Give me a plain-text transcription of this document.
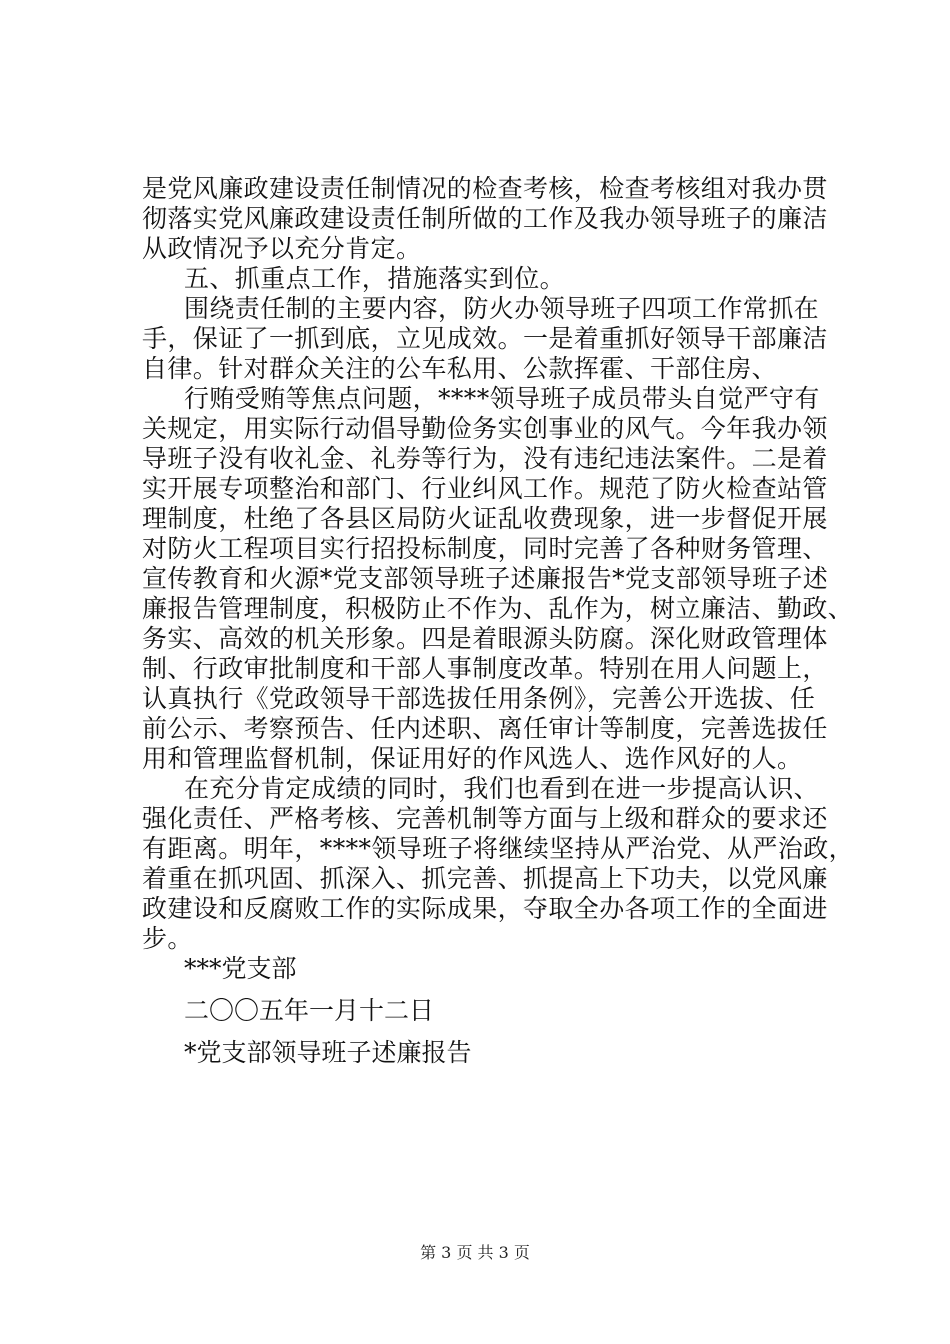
是党风廉政建设责任制情况的检查考核，检查考核组对我办贯
彻落实党风廉政建设责任制所做的工作及我办领导班子的廉洁
从政情况予以充分肯定。
五、抓重点工作，措施落实到位。
围绕责任制的主要内容，防火办领导班子四项工作常抓在
手，保证了一抓到底，立见成效。一是着重抓好领导干部廉洁
自律。针对群众关注的公车私用、公款挥霍、干部住房、
行贿受贿等焦点问题，****领导班子成员带头自觉严守有
关规定，用实际行动倡导勤俭务实创事业的风气。今年我办领
导班子没有收礼金、礼券等行为，没有违纪违法案件。二是着
实开展专项整治和部门、行业纠风工作。规范了防火检查站管
理制度，杜绝了各县区局防火证乱收费现象，进一步督促开展
对防火工程项目实行招投标制度，同时完善了各种财务管理、
宣传教育和火源*党支部领导班子述廉报告*党支部领导班子述
廉报告管理制度，积极防止不作为、乱作为，树立廉洁、勤政、
务实、高效的机关形象。四是着眼源头防腐。深化财政管理体
制、行政审批制度和干部人事制度改革。特别在用人问题上，
认真执行《党政领导干部选拔任用条例》，完善公开选拔、任
前公示、考察预告、任内述职、离任审计等制度，完善选拔任
用和管理监督机制，保证用好的作风选人、选作风好的人。
在充分肯定成绩的同时，我们也看到在进一步提高认识、
强化责任、严格考核、完善机制等方面与上级和群众的要求还
有距离。明年，****领导班子将继续坚持从严治党、从严治政，
着重在抓巩固、抓深入、抓完善、抓提高上下功夫，以党风廉
政建设和反腐败工作的实际成果，夺取全办各项工作的全面进
步。
***党支部
二〇〇五年一月十二日
*党支部领导班子述廉报告
第 3 页 共 3 页
